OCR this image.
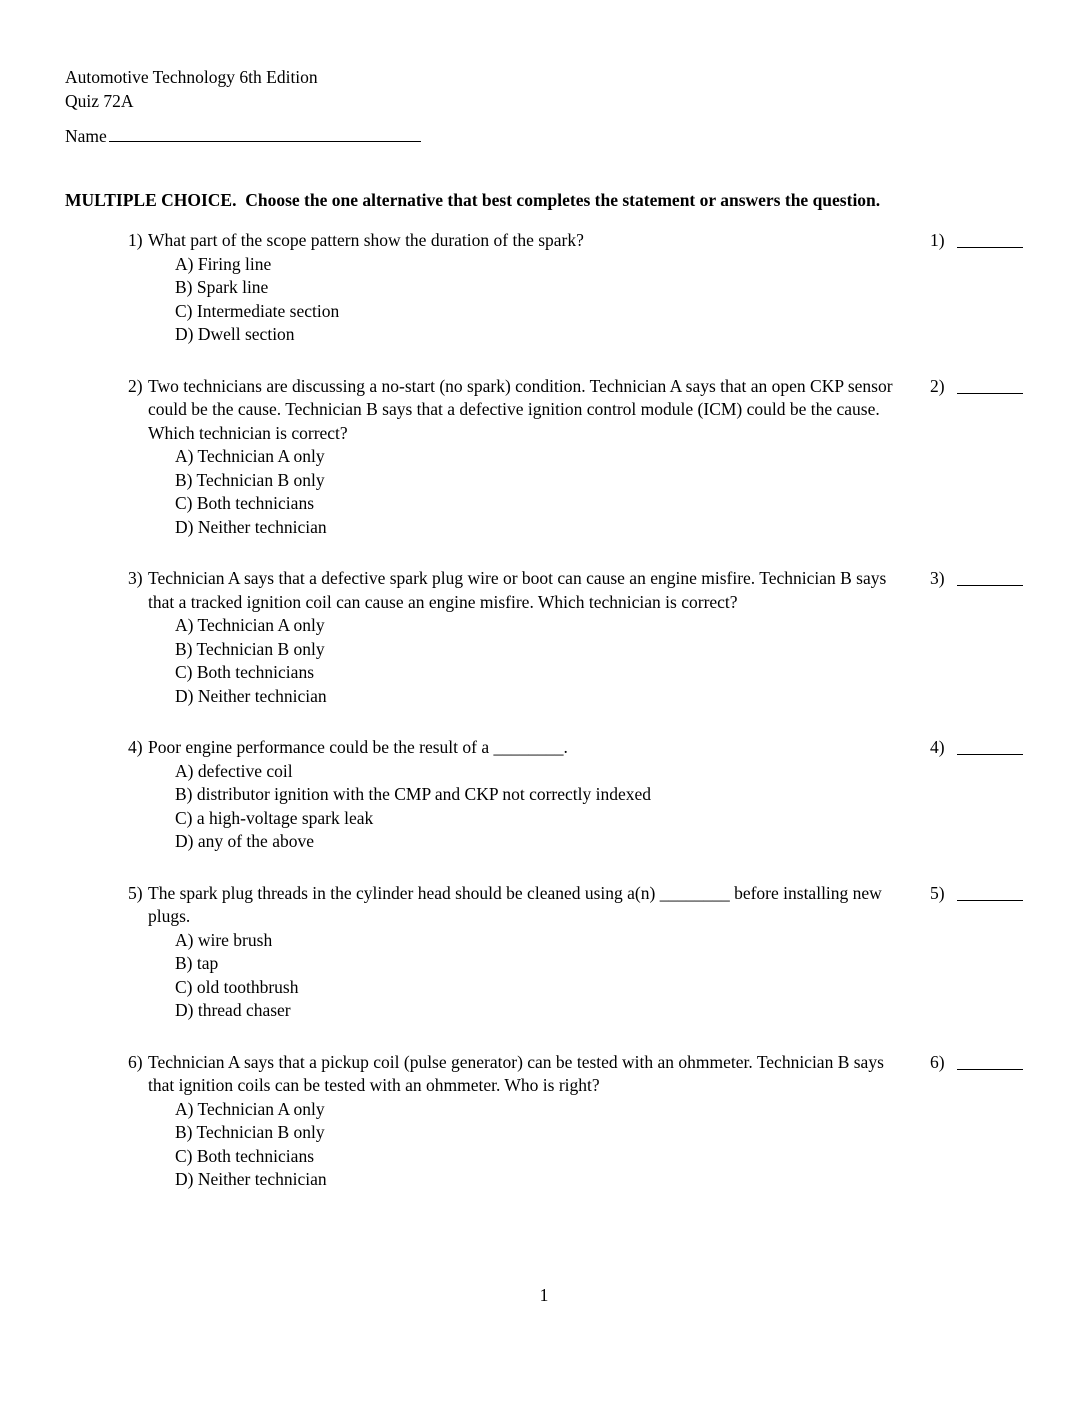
Automotive Technology 6th Edition
Quiz 72A
Name
MULTIPLE CHOICE.  Choose the one alternative that best completes the statement or answers the question.
1) What part of the scope pattern show the duration of the spark?
A) Firing line
B) Spark line
C) Intermediate section
D) Dwell section
1)
2) Two technicians are discussing a no-start (no spark) condition. Technician A says that an open CKP sensor could be the cause. Technician B says that a defective ignition control module (ICM) could be the cause. Which technician is correct?
A) Technician A only
B) Technician B only
C) Both technicians
D) Neither technician
2)
3) Technician A says that a defective spark plug wire or boot can cause an engine misfire. Technician B says that a tracked ignition coil can cause an engine misfire. Which technician is correct?
A) Technician A only
B) Technician B only
C) Both technicians
D) Neither technician
3)
4) Poor engine performance could be the result of a ________.
A) defective coil
B) distributor ignition with the CMP and CKP not correctly indexed
C) a high-voltage spark leak
D) any of the above
4)
5) The spark plug threads in the cylinder head should be cleaned using a(n) ________ before installing new plugs.
A) wire brush
B) tap
C) old toothbrush
D) thread chaser
5)
6) Technician A says that a pickup coil (pulse generator) can be tested with an ohmmeter. Technician B says that ignition coils can be tested with an ohmmeter. Who is right?
A) Technician A only
B) Technician B only
C) Both technicians
D) Neither technician
6)
1
